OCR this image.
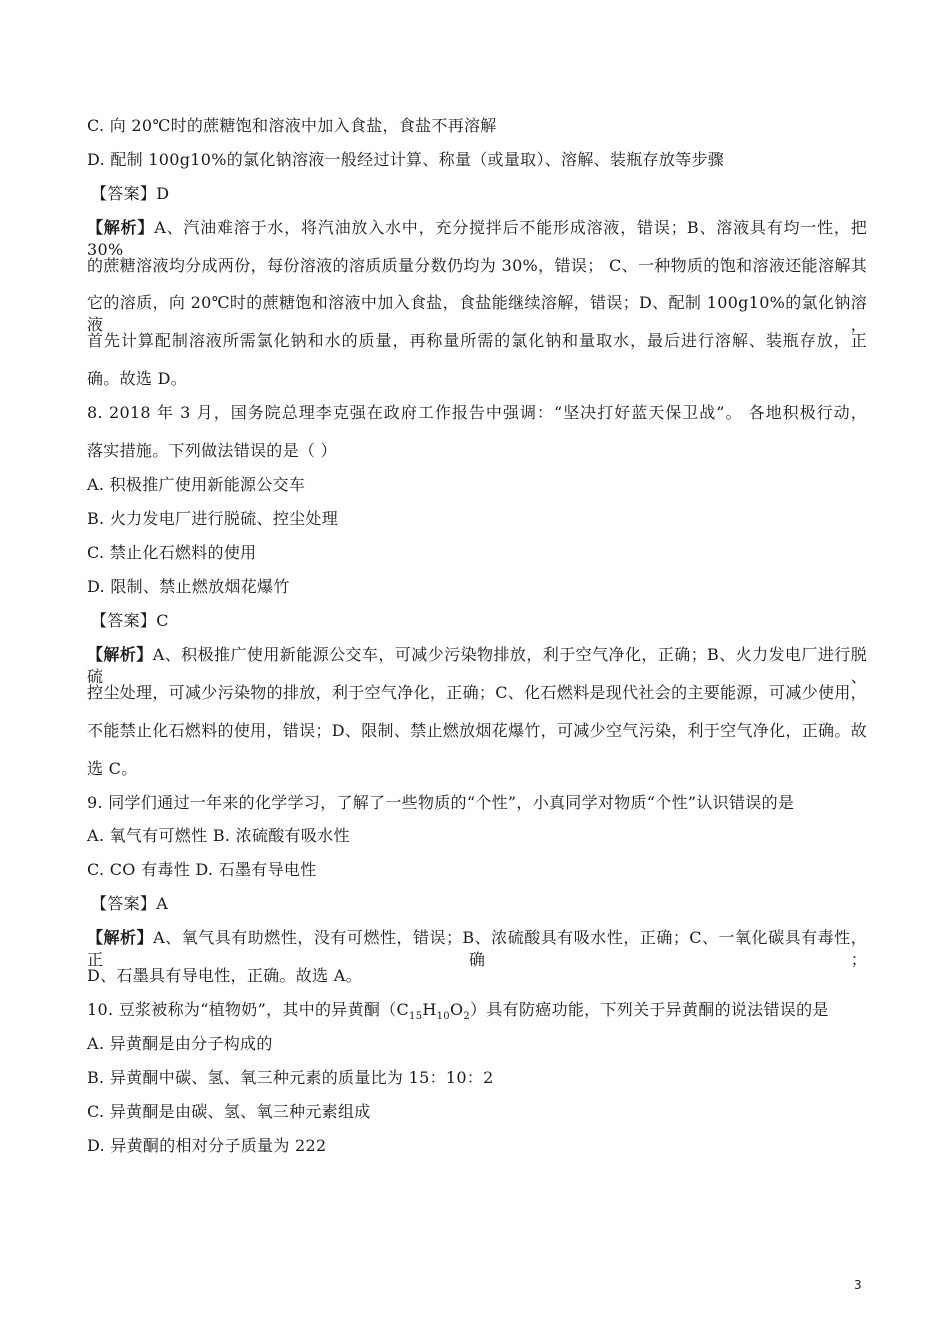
C. 向 20℃时的蔗糖饱和溶液中加入食盐，食盐不再溶解
D. 配制 100g10%的氯化钠溶液一般经过计算、称量（或量取）、溶解、装瓶存放等步骤
【答案】D
【解析】A、汽油难溶于水，将汽油放入水中，充分搅拌后不能形成溶液，错误；B、溶液具有均一性，把 30%
的蔗糖溶液均分成两份，每份溶液的溶质质量分数仍均为 30%，错误； C、一种物质的饱和溶液还能溶解其
它的溶质，向 20℃时的蔗糖饱和溶液中加入食盐，食盐能继续溶解，错误；D、配制 100g10%的氯化钠溶液，
首先计算配制溶液所需氯化钠和水的质量，再称量所需的氯化钠和量取水，最后进行溶解、装瓶存放，正
确。故选 D。
8. 2018 年 3 月，国务院总理李克强在政府工作报告中强调：“坚决打好蓝天保卫战”。 各地积极行动，
落实措施。下列做法错误的是（ ）
A. 积极推广使用新能源公交车
B. 火力发电厂进行脱硫、控尘处理
C. 禁止化石燃料的使用
D. 限制、禁止燃放烟花爆竹
【答案】C
【解析】A、积极推广使用新能源公交车，可减少污染物排放，利于空气净化，正确；B、火力发电厂进行脱硫、
控尘处理，可减少污染物的排放，利于空气净化，正确；C、化石燃料是现代社会的主要能源，可减少使用，
不能禁止化石燃料的使用，错误；D、限制、禁止燃放烟花爆竹，可减少空气污染，利于空气净化，正确。故
选 C。
9. 同学们通过一年来的化学学习，了解了一些物质的“个性”，小真同学对物质“个性”认识错误的是
A. 氧气有可燃性 B. 浓硫酸有吸水性
C. CO 有毒性 D. 石墨有导电性
【答案】A
【解析】A、氧气具有助燃性，没有可燃性，错误；B、浓硫酸具有吸水性，正确；C、一氧化碳具有毒性，正确；
D、石墨具有导电性，正确。故选 A。
10. 豆浆被称为“植物奶”，其中的异黄酮$(C_{15}H_{10}O_2)$具有防癌功能，下列关于异黄酮的说法错误的是
A. 异黄酮是由分子构成的
B. 异黄酮中碳、氢、氧三种元素的质量比为 15：10：2
C. 异黄酮是由碳、氢、氧三种元素组成
D. 异黄酮的相对分子质量为 222
3
